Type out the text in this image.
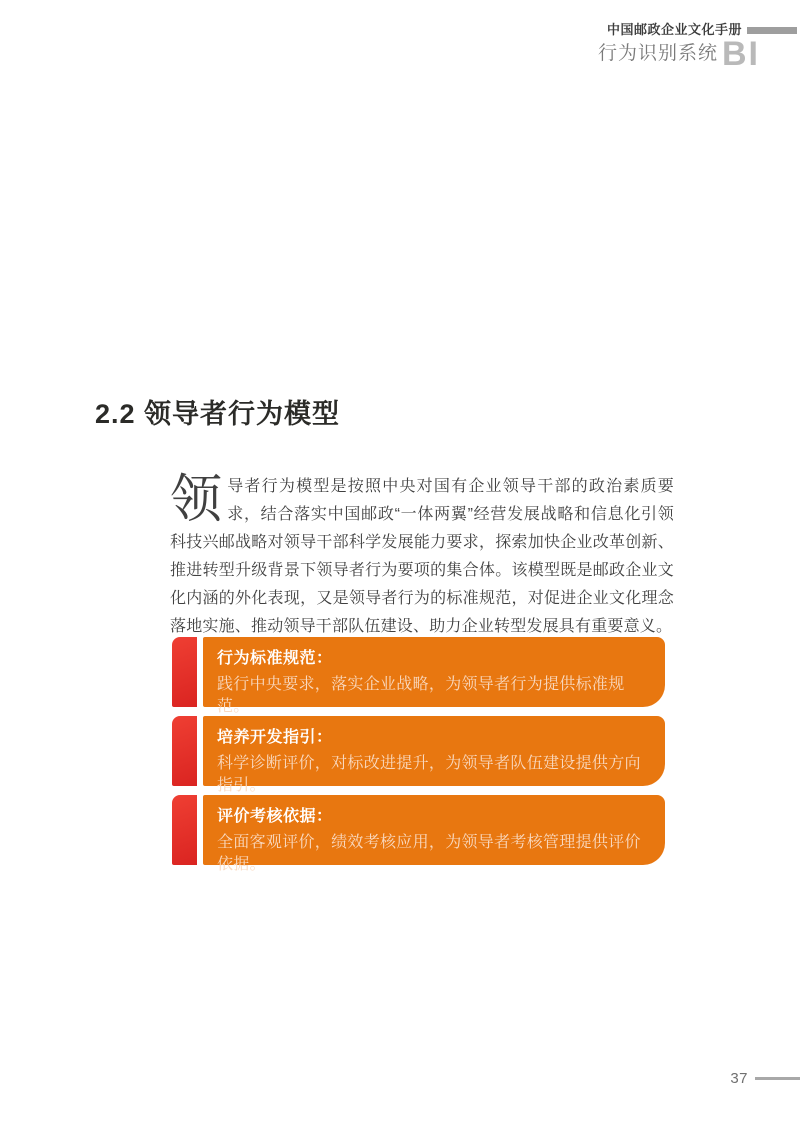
中国邮政企业文化手册
行为识别系统 BI
2.2 领导者行为模型

领导者行为模型是按照中央对国有企业领导干部的政治素质要求，结合落实中国邮政“一体两翼”经营发展战略和信息化引领科技兴邮战略对领导干部科学发展能力要求，探索加快企业改革创新、推进转型升级背景下领导者行为要项的集合体。该模型既是邮政企业文化内涵的外化表现，又是领导者行为的标准规范，对促进企业文化理念落地实施、推动领导干部队伍建设、助力企业转型发展具有重要意义。

行为标准规范：
践行中央要求，落实企业战略，为领导者行为提供标准规范。
培养开发指引：
科学诊断评价，对标改进提升，为领导者队伍建设提供方向指引。
评价考核依据：
全面客观评价，绩效考核应用，为领导者考核管理提供评价依据。
37
